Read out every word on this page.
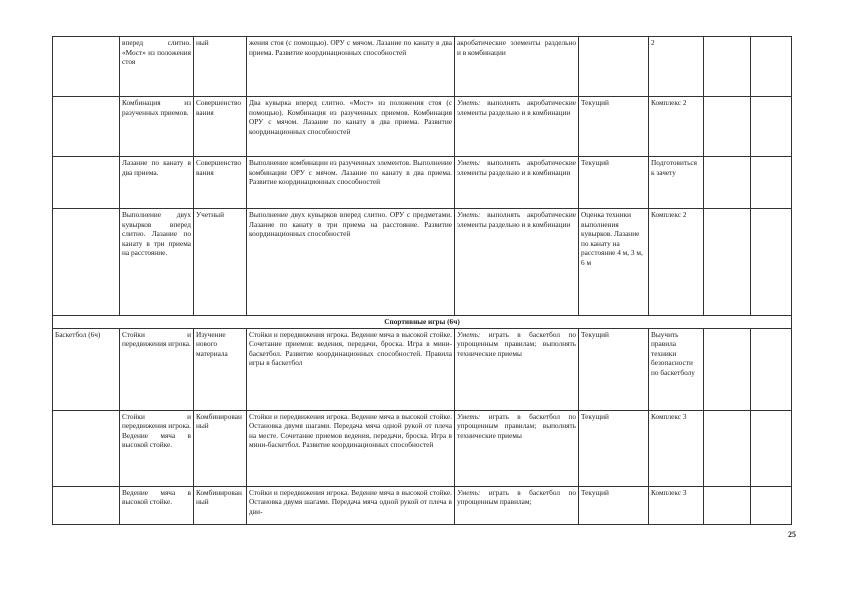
	вперед слитно. «Мост» из положения стоя	ный	жения стоя (с помощью). ОРУ с мячом. Лазание по канату в два приема. Развитие координационных способностей	акробатические элементы раздельно и в комбинации		2		
	Комбинация из разученных приемов.	Совершенствования	Два кувырка вперед слитно. «Мост» из положения стоя (с помощью). Комбинация из разученных приемов. Комбинация ОРУ с мячом. Лазание по канату в два приема. Развитие координационных способностей	Уметь: выполнять акробатические элементы раздельно и в комбинации	Текущий	Комплекс 2		
	Лазание по канату в два приема.	Совершенствования	Выполнение комбинации из разученных элементов. Выполнение комбинации ОРУ с мячом. Лазание по канату в два приема. Развитие координационных способностей	Уметь: выполнять акробатические элементы раздельно и в комбинации	Текущий	Подготовиться к зачету		
	Выполнение двух кувырков вперед слитно. Лазание по канату в три приема на расстояние.	Учетный	Выполнение двух кувырков вперед слитно. ОРУ с предметами. Лазание по канату в три приема на расстояние. Развитие координационных способностей	Уметь: выполнять акробатические элементы раздельно и в комбинации	Оценка техники выполнения кувырков. Лазание по канату на расстояние 4 м, 3 м, 6 м	Комплекс 2		
Спортивные игры (6ч)								
Баскетбол (6ч)	Стойки и передвижения игрока.	Изучение нового материала	Стойки и передвижения игрока. Ведение мяча в высокой стойке. Сочетание приемов: ведения, передачи, броска. Игра в мини-баскетбол. Развитие координационных способностей. Правила игры в баскетбол	Уметь: играть в баскетбол по упрощенным правилам; выполнять технические приемы	Текущий	Выучить правила техники безопасности по баскетболу		
	Стойки и передвижения игрока. Ведение мяча в высокой стойке.	Комбинированный	Стойки и передвижения игрока. Ведение мяча в высокой стойке. Остановка двумя шагами. Передача мяча одной рукой от плеча на месте. Сочетание приемов ведения, передачи, броска. Игра в мини-баскетбол. Развитие координационных способностей	Уметь: играть в баскетбол по упрощенным правилам; выполнять технические приемы	Текущий	Комплекс 3		
	Ведение мяча в высокой стойке.	Комбинированный	Стойки и передвижения игрока. Ведение мяча в высокой стойке. Остановка двумя шагами. Передача мяча одной рукой от плеча в дви-	Уметь: играть в баскетбол по упрощенным правилам;	Текущий	Комплекс 3		
25
